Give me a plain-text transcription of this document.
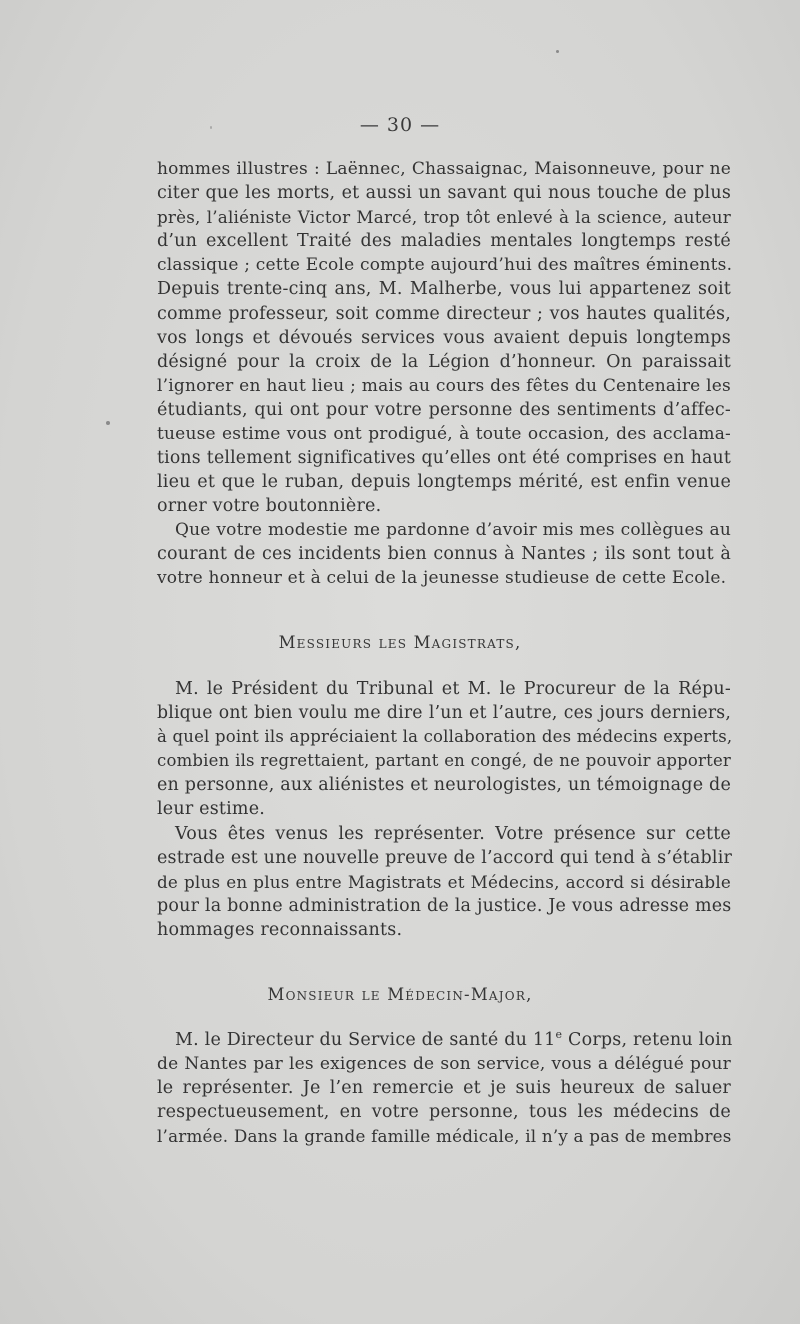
— 30 —
hommes illustres : Laënnec, Chassaignac, Maisonneuve, pour ne
citer que les morts, et aussi un savant qui nous touche de plus
près, l’aliéniste Victor Marcé, trop tôt enlevé à la science, auteur
d’un excellent Traité des maladies mentales longtemps resté
classique ; cette Ecole compte aujourd’hui des maîtres éminents.
Depuis trente-cinq ans, M. Malherbe, vous lui appartenez soit
comme professeur, soit comme directeur ; vos hautes qualités,
vos longs et dévoués services vous avaient depuis longtemps
désigné pour la croix de la Légion d’honneur. On paraissait
l’ignorer en haut lieu ; mais au cours des fêtes du Centenaire les
étudiants, qui ont pour votre personne des sentiments d’affec-
tueuse estime vous ont prodigué, à toute occasion, des acclama-
tions tellement significatives qu’elles ont été comprises en haut
lieu et que le ruban, depuis longtemps mérité, est enfin venue
orner votre boutonnière.
Que votre modestie me pardonne d’avoir mis mes collègues au
courant de ces incidents bien connus à Nantes ; ils sont tout à
votre honneur et à celui de la jeunesse studieuse de cette Ecole.
Messieurs les Magistrats,
M. le Président du Tribunal et M. le Procureur de la Répu-
blique ont bien voulu me dire l’un et l’autre, ces jours derniers,
à quel point ils appréciaient la collaboration des médecins experts,
combien ils regrettaient, partant en congé, de ne pouvoir apporter
en personne, aux aliénistes et neurologistes, un témoignage de
leur estime.
Vous êtes venus les représenter. Votre présence sur cette
estrade est une nouvelle preuve de l’accord qui tend à s’établir
de plus en plus entre Magistrats et Médecins, accord si désirable
pour la bonne administration de la justice. Je vous adresse mes
hommages reconnaissants.
Monsieur le Médecin-Major,
M. le Directeur du Service de santé du 11e Corps, retenu loin
de Nantes par les exigences de son service, vous a délégué pour
le représenter. Je l’en remercie et je suis heureux de saluer
respectueusement, en votre personne, tous les médecins de
l’armée. Dans la grande famille médicale, il n’y a pas de membres
